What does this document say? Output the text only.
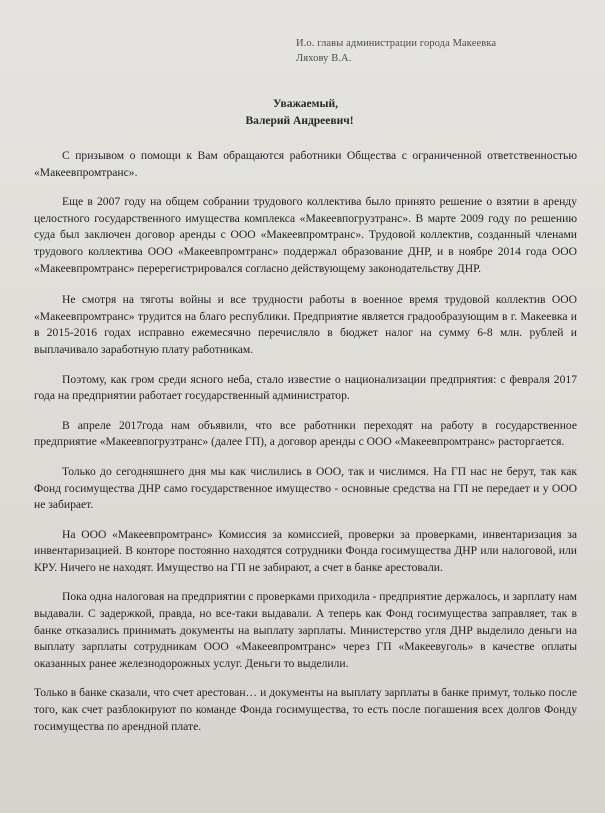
И.о. главы администрации города Макеевка
Ляхову В.А.
Уважаемый,
Валерий Андреевич!

С призывом о помощи к Вам обращаются работники Общества с ограниченной ответственностью «Макеевпромтранс».

Еще в 2007 году на общем собрании трудового коллектива было принято решение о взятии в аренду целостного государственного имущества комплекса «Макеевпогрузтранс». В марте 2009 году по решению суда был заключен договор аренды с ООО «Макеевпромтранс». Трудовой коллектив, созданный членами трудового коллектива ООО «Макеевпромтранс» поддержал образование ДНР, и в ноябре 2014 года ООО «Макеевпромтранс» перерегистрировался согласно действующему законодательству ДНР.

Не смотря на тяготы войны и все трудности работы в военное время трудовой коллектив ООО «Макеевпромтранс» трудится на благо республики. Предприятие является градообразующим в г. Макеевка и в 2015-2016 годах исправно ежемесячно перечисляло в бюджет налог на сумму 6-8 млн. рублей и выплачивало заработную плату работникам.

Поэтому, как гром среди ясного неба, стало известие о национализации предприятия: с февраля 2017 года на предприятии работает государственный администратор.

В апреле 2017года нам объявили, что все работники переходят на работу в государственное предприятие «Макеевпогрузтранс» (далее ГП), а договор аренды с ООО «Макеевпромтранс» расторгается.

Только до сегодняшнего дня мы как числились в ООО, так и числимся. На ГП нас не берут, так как Фонд госимущества ДНР само государственное имущество - основные средства на ГП не передает и у ООО не забирает.

На ООО «Макеевпромтранс» Комиссия за комиссией, проверки за проверками, инвентаризация за инвентаризацией. В конторе постоянно находятся сотрудники Фонда госимущества ДНР или налоговой, или КРУ. Ничего не находят. Имущество на ГП не забирают, а счет в банке арестовали.

Пока одна налоговая на предприятии с проверками приходила - предприятие держалось, и зарплату нам выдавали. С задержкой, правда, но все-таки выдавали. А теперь как Фонд госимущества заправляет, так в банке отказались принимать документы на выплату зарплаты. Министерство угля ДНР выделило деньги на выплату зарплаты сотрудникам ООО «Макеевпромтранс» через ГП «Макеевуголь» в качестве оплаты оказанных ранее железнодорожных услуг. Деньги то выделили.

Только в банке сказали, что счет арестован… и документы на выплату зарплаты в банке примут, только после того, как счет разблокируют по команде Фонда госимущества, то есть после погашения всех долгов Фонду госимущества по арендной плате.
